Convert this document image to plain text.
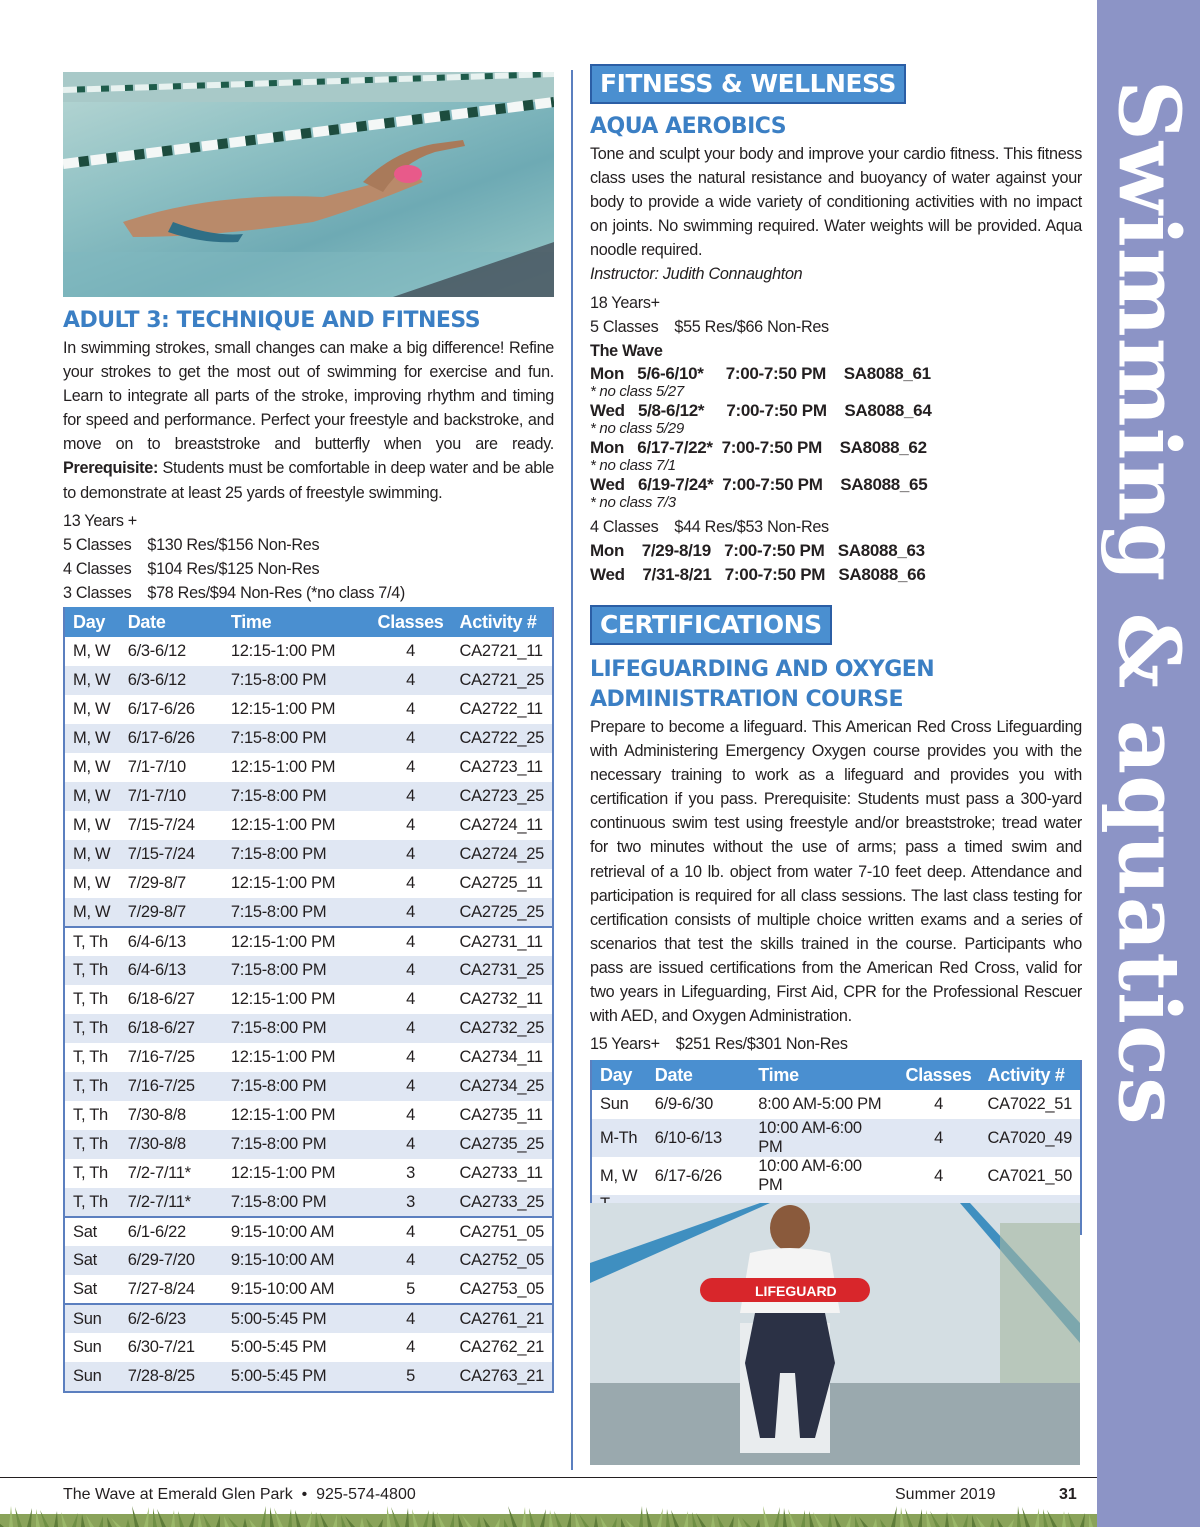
Swimming & aquatics
ADULT 3: TECHNIQUE AND FITNESS

In swimming strokes, small changes can make a big difference! Refine your strokes to get the most out of swimming for exercise and fun. Learn to integrate all parts of the stroke, improving rhythm and timing for speed and performance. Perfect your freestyle and backstroke, and move on to breaststroke and butterfly when you are ready. Prerequisite: Students must be comfortable in deep water and be able to demonstrate at least 25 yards of freestyle swimming.

13 Years +
5 Classes $130 Res/$156 Non-Res
4 Classes $104 Res/$125 Non-Res
3 Classes $78 Res/$94 Non-Res (*no class 7/4)
Day	Date	Time	Classes	Activity #
M, W	6/3-6/12	12:15-1:00 PM	4	CA2721_11
M, W	6/3-6/12	7:15-8:00 PM	4	CA2721_25
M, W	6/17-6/26	12:15-1:00 PM	4	CA2722_11
M, W	6/17-6/26	7:15-8:00 PM	4	CA2722_25
M, W	7/1-7/10	12:15-1:00 PM	4	CA2723_11
M, W	7/1-7/10	7:15-8:00 PM	4	CA2723_25
M, W	7/15-7/24	12:15-1:00 PM	4	CA2724_11
M, W	7/15-7/24	7:15-8:00 PM	4	CA2724_25
M, W	7/29-8/7	12:15-1:00 PM	4	CA2725_11
M, W	7/29-8/7	7:15-8:00 PM	4	CA2725_25
T, Th	6/4-6/13	12:15-1:00 PM	4	CA2731_11
T, Th	6/4-6/13	7:15-8:00 PM	4	CA2731_25
T, Th	6/18-6/27	12:15-1:00 PM	4	CA2732_11
T, Th	6/18-6/27	7:15-8:00 PM	4	CA2732_25
T, Th	7/16-7/25	12:15-1:00 PM	4	CA2734_11
T, Th	7/16-7/25	7:15-8:00 PM	4	CA2734_25
T, Th	7/30-8/8	12:15-1:00 PM	4	CA2735_11
T, Th	7/30-8/8	7:15-8:00 PM	4	CA2735_25
T, Th	7/2-7/11*	12:15-1:00 PM	3	CA2733_11
T, Th	7/2-7/11*	7:15-8:00 PM	3	CA2733_25
Sat	6/1-6/22	9:15-10:00 AM	4	CA2751_05
Sat	6/29-7/20	9:15-10:00 AM	4	CA2752_05
Sat	7/27-8/24	9:15-10:00 AM	5	CA2753_05
Sun	6/2-6/23	5:00-5:45 PM	4	CA2761_21
Sun	6/30-7/21	5:00-5:45 PM	4	CA2762_21
Sun	7/28-8/25	5:00-5:45 PM	5	CA2763_21
FITNESS & WELLNESS
AQUA AEROBICS

Tone and sculpt your body and improve your cardio fitness. This fitness class uses the natural resistance and buoyancy of water against your body to provide a wide variety of conditioning activities with no impact on joints. No swimming required. Water weights will be provided. Aqua noodle required.

Instructor: Judith Connaughton
18 Years+
5 Classes $55 Res/$66 Non-Res
The Wave
Mon   5/6-6/10*     7:00-7:50 PM    SA8088_61
* no class 5/27
Wed   5/8-6/12*     7:00-7:50 PM    SA8088_64
* no class 5/29
Mon   6/17-7/22*  7:00-7:50 PM    SA8088_62
* no class 7/1
Wed   6/19-7/24*  7:00-7:50 PM    SA8088_65
* no class 7/3
4 Classes $44 Res/$53 Non-Res
Mon    7/29-8/19   7:00-7:50 PM   SA8088_63
Wed    7/31-8/21   7:00-7:50 PM   SA8088_66
CERTIFICATIONS
LIFEGUARDING AND OXYGEN ADMINISTRATION COURSE

Prepare to become a lifeguard. This American Red Cross Lifeguarding with Administering Emergency Oxygen course provides you with the necessary training to work as a lifeguard and provides you with certification if you pass. Prerequisite: Students must pass a 300-yard continuous swim test using freestyle and/or breaststroke; tread water for two minutes without the use of arms; pass a timed swim and retrieval of a 10 lb. object from water 7-10 feet deep. Attendance and participation is required for all class sessions. The last class testing for certification consists of multiple choice written exams and a series of scenarios that test the skills trained in the course. Participants who pass are issued certifications from the American Red Cross, valid for two years in Lifeguarding, First Aid, CPR for the Professional Rescuer with AED, and Oxygen Administration.

15 Years+ $251 Res/$301 Non-Res
Day	Date	Time	Classes	Activity #
Sun	6/9-6/30	8:00 AM-5:00 PM	4	CA7022_51
M-Th	6/10-6/13	10:00 AM-6:00 PM	4	CA7020_49
M, W	6/17-6/26	10:00 AM-6:00 PM	4	CA7021_50

LIFEGUARD
The Wave at Emerald Glen Park • 925-574-4800	Summer 2019	31
